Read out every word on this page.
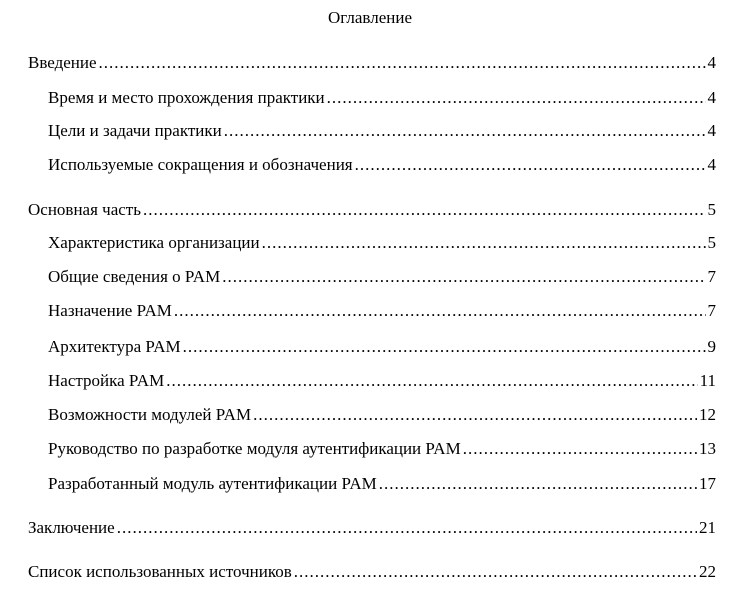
Оглавление
Введение .....	4
Время и место прохождения практики .....	4
Цели и задачи практики .....	4
Используемые сокращения и обозначения .....	4
Основная часть .....	5
Характеристика организации .....	5
Общие сведения о PAM .....	7
Назначение PAM .....	7
Архитектура PAM .....	9
Настройка PAM .....	11
Возможности модулей PAM .....	12
Руководство по разработке модуля аутентификации PAM .....	13
Разработанный модуль аутентификации PAM .....	17
Заключение .....	21
Список использованных источников .....	22
